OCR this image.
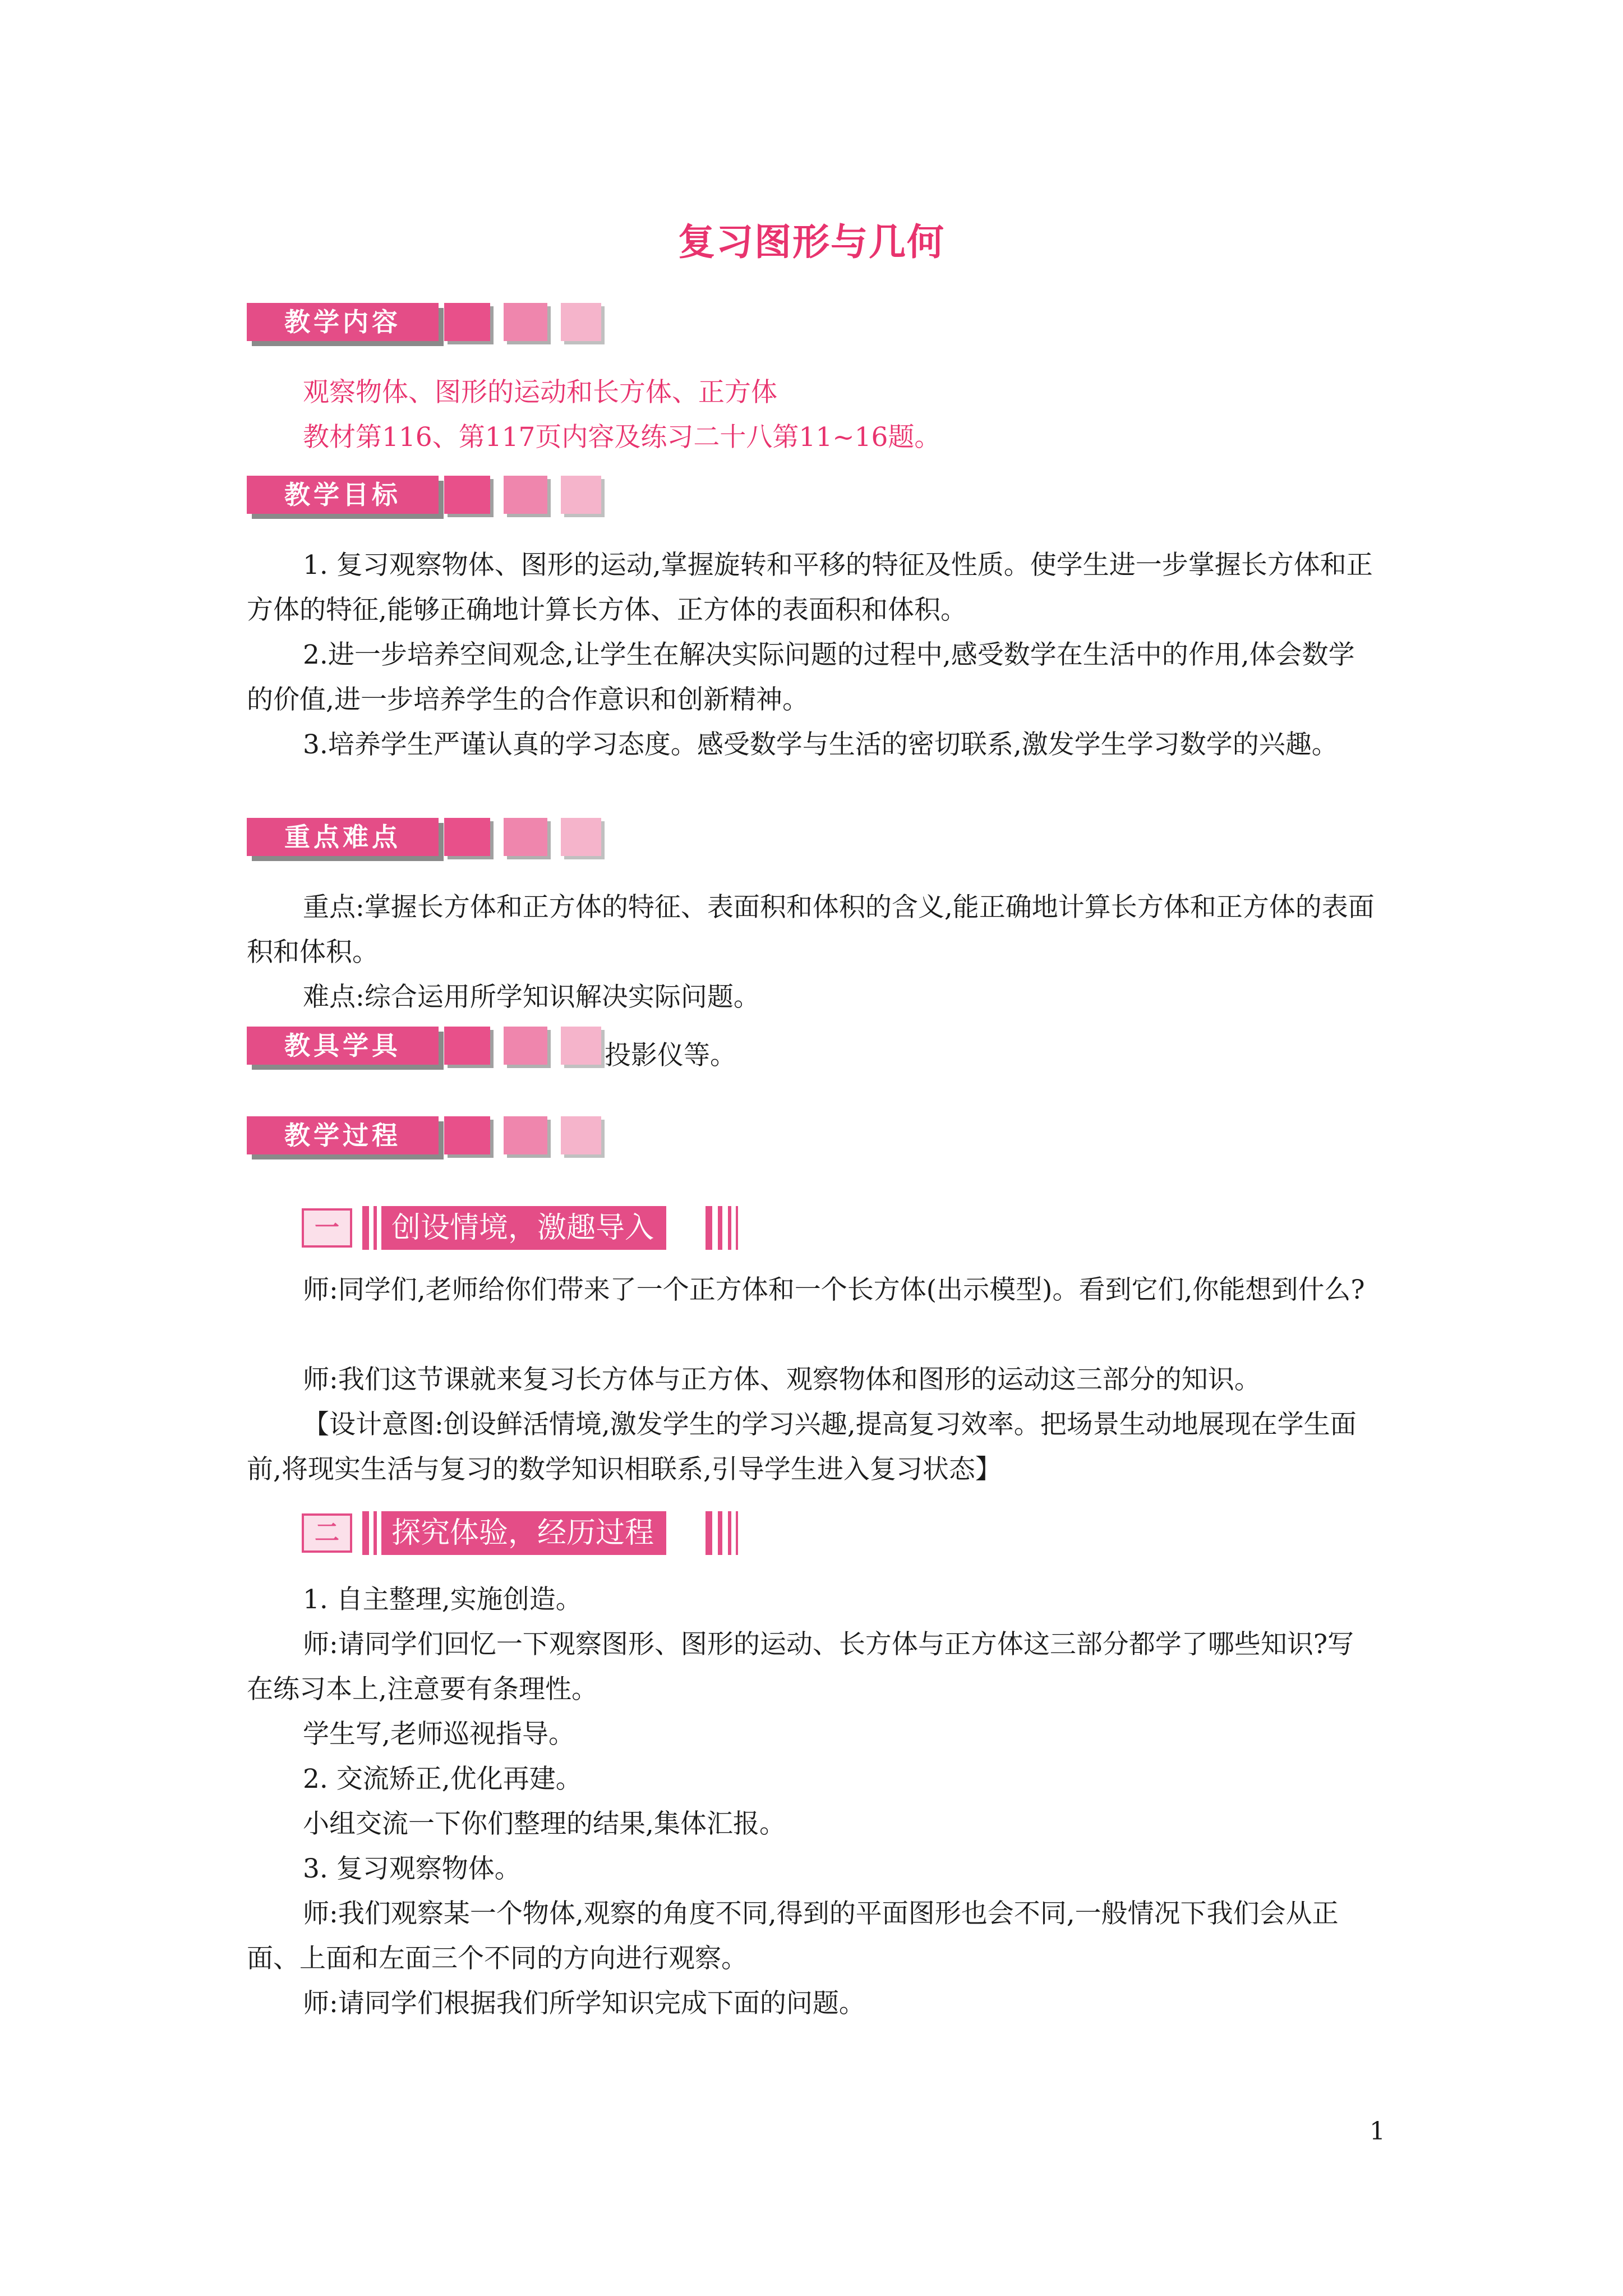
复习图形与几何
教学内容
观察物体、图形的运动和长方体、正方体
教材第116、第117页内容及练习二十八第11~16题。
教学目标
1. 复习观察物体、图形的运动,掌握旋转和平移的特征及性质。使学生进一步掌握长方体和正方体的特征,能够正确地计算长方体、正方体的表面积和体积。
2.进一步培养空间观念,让学生在解决实际问题的过程中,感受数学在生活中的作用,体会数学的价值,进一步培养学生的合作意识和创新精神。
3.培养学生严谨认真的学习态度。感受数学与生活的密切联系,激发学生学习数学的兴趣。
重点难点
重点:掌握长方体和正方体的特征、表面积和体积的含义,能正确地计算长方体和正方体的表面积和体积。
难点:综合运用所学知识解决实际问题。
教具学具	投影仪等。
教学过程
一	创设情境，激趣导入
师:同学们,老师给你们带来了一个正方体和一个长方体(出示模型)。看到它们,你能想到什么?
师:我们这节课就来复习长方体与正方体、观察物体和图形的运动这三部分的知识。
【设计意图:创设鲜活情境,激发学生的学习兴趣,提高复习效率。把场景生动地展现在学生面前,将现实生活与复习的数学知识相联系,引导学生进入复习状态】
二	探究体验，经历过程
1. 自主整理,实施创造。
师:请同学们回忆一下观察图形、图形的运动、长方体与正方体这三部分都学了哪些知识?写在练习本上,注意要有条理性。
学生写,老师巡视指导。
2. 交流矫正,优化再建。
小组交流一下你们整理的结果,集体汇报。
3. 复习观察物体。
师:我们观察某一个物体,观察的角度不同,得到的平面图形也会不同,一般情况下我们会从正面、上面和左面三个不同的方向进行观察。
师:请同学们根据我们所学知识完成下面的问题。
1
